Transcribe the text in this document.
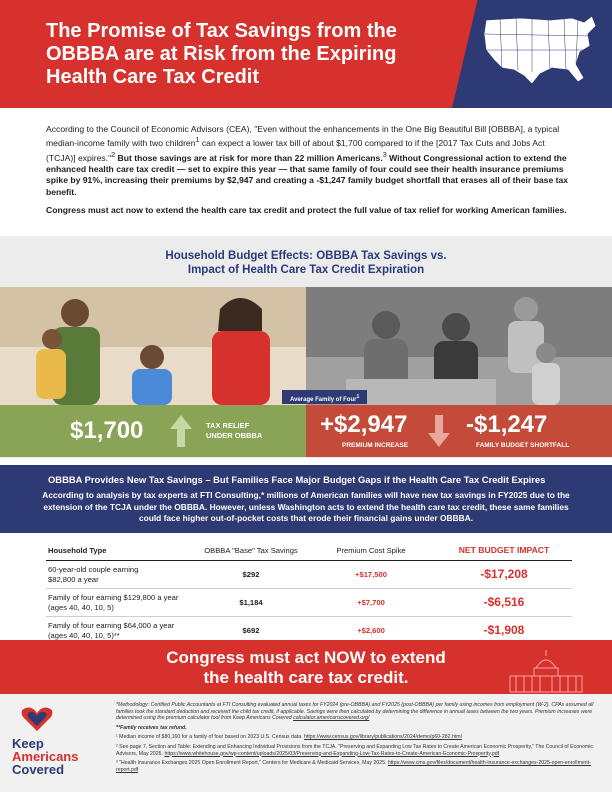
The Promise of Tax Savings from the
OBBBA are at Risk from the Expiring
Health Care Tax Credit

According to the Council of Economic Advisors (CEA), "Even without the enhancements in the One Big Beautiful Bill [OBBBA], a typical median-income family with two children$^1$ can expect a lower tax bill of about $1,700 compared to if the [2017 Tax Cuts and Jobs Act (TCJA)] expires."$^2$ But those savings are at risk for more than 22 million Americans.$^3$ Without Congressional action to extend the enhanced health care tax credit — set to expire this year — that same family of four could see their health insurance premiums spike by 91%, increasing their premiums by $2,947 and creating a -$1,247 family budget shortfall that erases all of their base tax benefit.

Congress must act now to extend the health care tax credit and protect the full value of tax relief for working American families.

Household Budget Effects: OBBBA Tax Savings vs.
Impact of Health Care Tax Credit Expiration
Average Family of Four$^1$
$1,700	TAX RELIEF
UNDER OBBBA +$2,947
PREMIUM INCREASE
-$1,247
FAMILY BUDGET SHORTFALL
OBBBA Provides New Tax Savings – But Families Face Major Budget Gaps if the Health Care Tax Credit Expires
According to analysis by tax experts at FTI Consulting,* millions of American families will have new tax savings in FY2025 due to the extension of the TCJA under the OBBBA. However, unless Washington acts to extend the health care tax credit, these same families could face higher out-of-pocket costs that erode their financial gains under OBBBA.
Household Type	OBBBA "Base" Tax Savings	Premium Cost Spike	NET BUDGET IMPACT
60-year-old couple earning
$82,800 a year	$292	+$17,500	-$17,208
Family of four earning $129,800 a year
(ages 40, 40, 10, 5)	$1,184	+$7,700	-$6,516
Family of four earning $64,000 a year
(ages 40, 40, 10, 5)**	$692	+$2,600	-$1,908
Congress must act NOW to extend
the health care tax credit.
Keep
Americans
Covered

*Methodology: Certified Public Accountants at FTI Consulting evaluated annual taxes for FY2024 (pre-OBBBA) and FY2025 (post-OBBBA) per family using incomes from employment (W-2). CPAs assumed all families took the standard deduction and received the child tax credit, if applicable. Savings were then calculated by determining the difference in annual taxes between the two years. Premium increases were determined using the premium calculator tool from Keep Americans Covered calculator.americanscovered.org/

**Family receives tax refund.

¹ Median income of $80,160 for a family of four based on 2023 U.S. Census data. https://www.census.gov/library/publications/2024/demo/p60-282.html

² See page 7, Section and Table: Extending and Enhancing Individual Provisions from the TCJA. "Preserving and Expanding Low Tax Rates to Create American Economic Prosperity," The Council of Economic Advisors, May 2025. https://www.whitehouse.gov/wp-content/uploads/2025/03/Preserving-and-Expanding-Low-Tax-Rates-to-Create-American-Economic-Prosperity.pdf

³ "Health Insurance Exchanges 2025 Open Enrollment Report," Centers for Medicare & Medicaid Services, May 2025. https://www.cms.gov/files/document/health-insurance-exchanges-2025-open-enrollment-report.pdf
